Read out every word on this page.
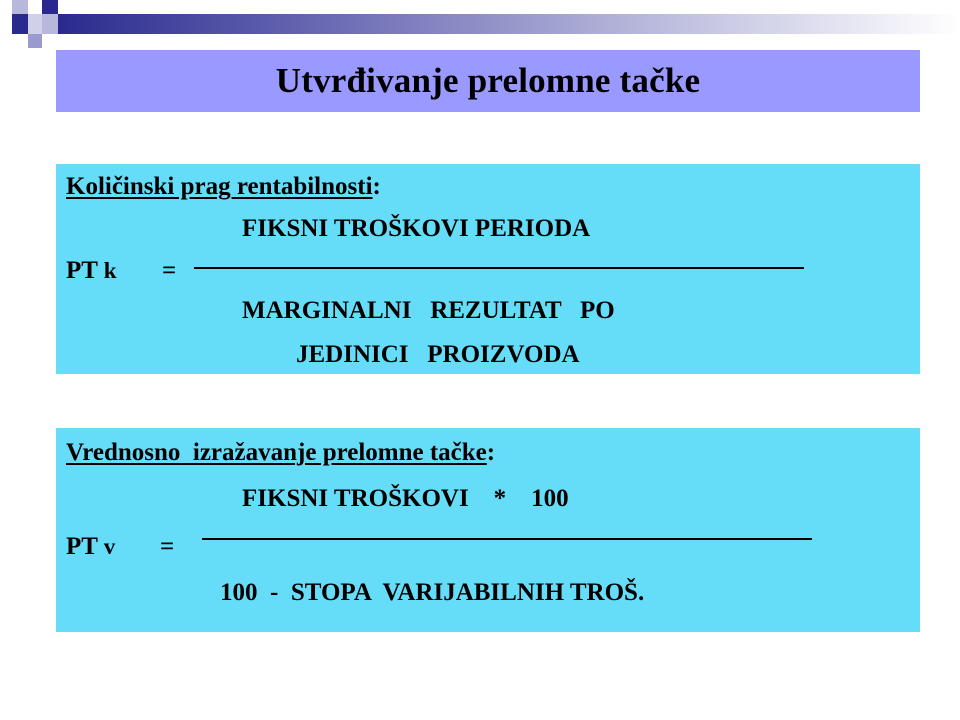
Utvrđivanje prelomne tačke
Količinski prag rentabilnosti:
FIKSNI TROŠKOVI PERIODA
PT k =
MARGINALNI   REZULTAT   PO
JEDINICI   PROIZVODA
Vrednosno  izražavanje prelomne tačke:
FIKSNI TROŠKOVI    *    100
PT v =
100  -  STOPA  VARIJABILNIH TROŠ.
